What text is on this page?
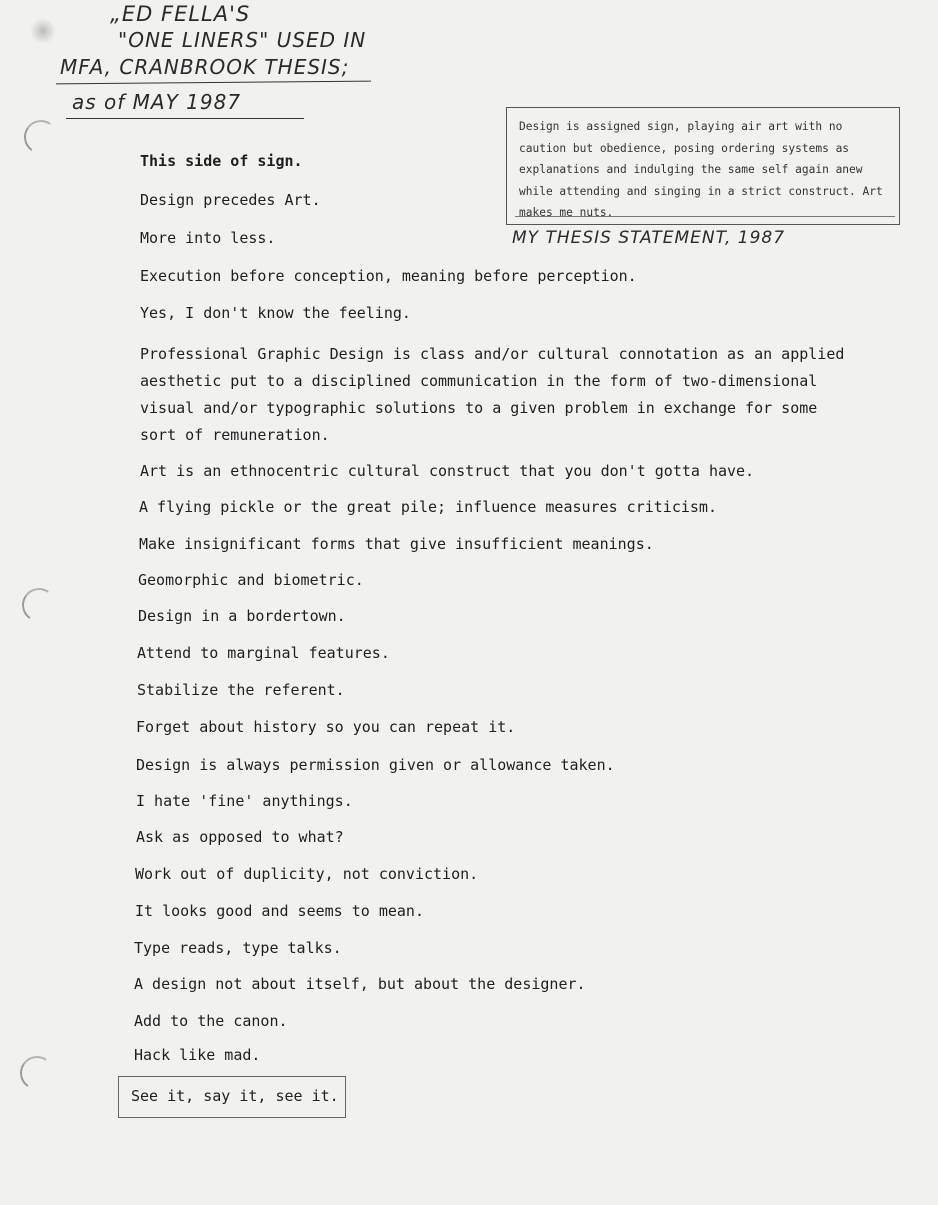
„ED FELLA'S
"ONE LINERS" USED IN
MFA, CRANBROOK THESIS;
as of MAY 1987
Design is assigned sign, playing air art with no caution but obedience, posing ordering systems as explanations and indulging the same self again anew while attending and singing in a strict construct. Art makes me nuts.
MY THESIS STATEMENT, 1987
This side of sign.
Design precedes Art.
More into less.
Execution before conception, meaning before perception.
Yes, I don't know the feeling.
Professional Graphic Design is class and/or cultural connotation as an applied
aesthetic put to a disciplined communication in the form of two-dimensional
visual and/or typographic solutions to a given problem in exchange for some
sort of remuneration.
Art is an ethnocentric cultural construct that you don't gotta have.
A flying pickle or the great pile; influence measures criticism.
Make insignificant forms that give insufficient meanings.
Geomorphic and biometric.
Design in a bordertown.
Attend to marginal features.
Stabilize the referent.
Forget about history so you can repeat it.
Design is always permission given or allowance taken.
I hate 'fine' anythings.
Ask as opposed to what?
Work out of duplicity, not conviction.
It looks good and seems to mean.
Type reads, type talks.
A design not about itself, but about the designer.
Add to the canon.
Hack like mad.
See it, say it, see it.
